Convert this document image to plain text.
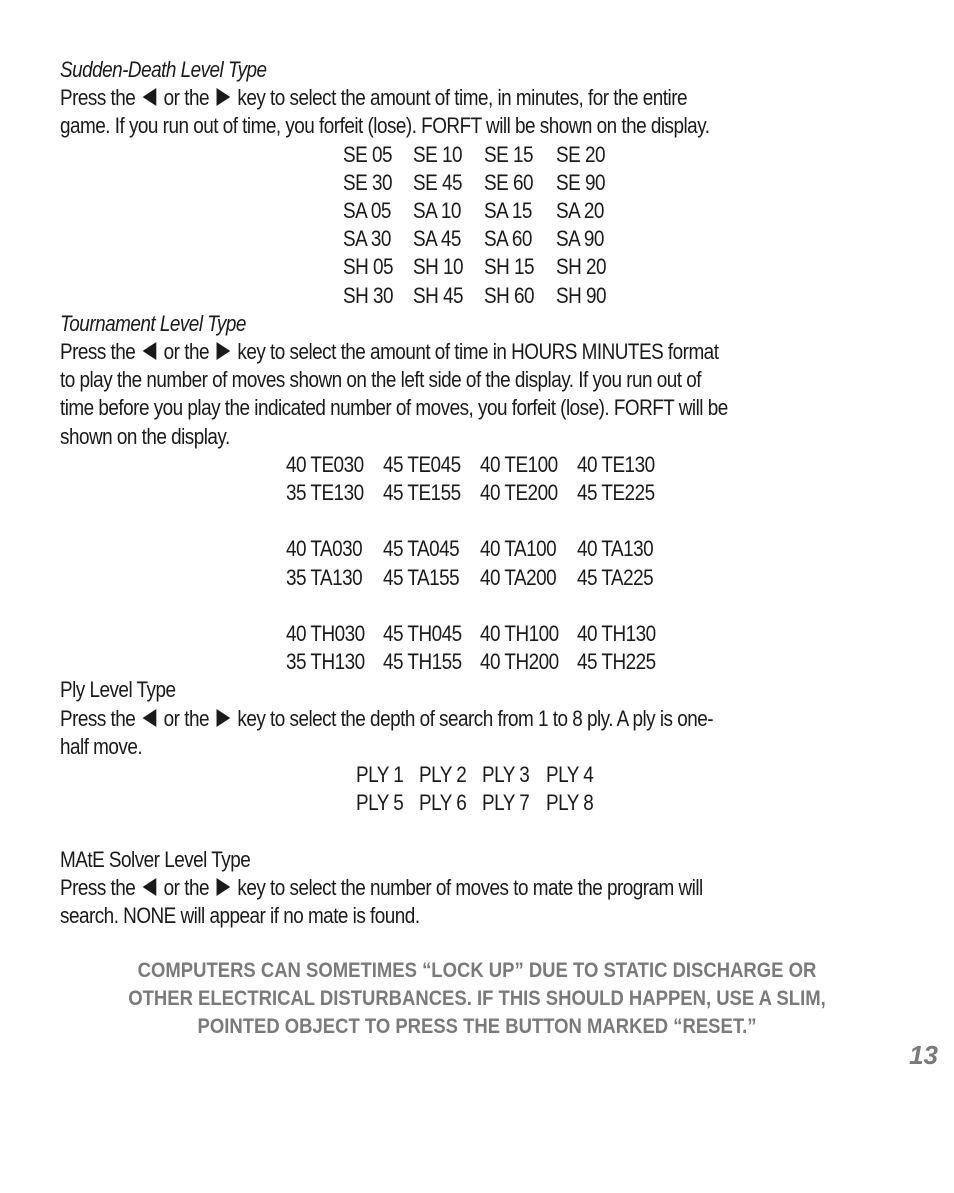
Sudden-Death Level Type
Press the  or the  key to select the amount of time, in minutes, for the entire
game. If you run out of time, you forfeit (lose). FORFT will be shown on the display.
SE 05 SE 10 SE 15 SE 20
SE 30 SE 45 SE 60 SE 90
SA 05 SA 10 SA 15 SA 20
SA 30 SA 45 SA 60 SA 90
SH 05 SH 10 SH 15 SH 20
SH 30 SH 45 SH 60 SH 90
Tournament Level Type
Press the  or the  key to select the amount of time in HOURS MINUTES format
to play the number of moves shown on the left side of the display. If you run out of
time before you play the indicated number of moves, you forfeit (lose). FORFT will be
shown on the display.
40 TE030 45 TE045 40 TE100 40 TE130
35 TE130 45 TE155 40 TE200 45 TE225
40 TA030 45 TA045 40 TA100 40 TA130
35 TA130 45 TA155 40 TA200 45 TA225
40 TH030 45 TH045 40 TH100 40 TH130
35 TH130 45 TH155 40 TH200 45 TH225
Ply Level Type
Press the  or the  key to select the depth of search from 1 to 8 ply. A ply is one-
half move.
PLY 1 PLY 2 PLY 3 PLY 4
PLY 5 PLY 6 PLY 7 PLY 8
MAtE Solver Level Type
Press the  or the  key to select the number of moves to mate the program will
search. NONE will appear if no mate is found.
COMPUTERS CAN SOMETIMES “LOCK UP” DUE TO STATIC DISCHARGE OR
OTHER ELECTRICAL DISTURBANCES. IF THIS SHOULD HAPPEN, USE A SLIM,
POINTED OBJECT TO PRESS THE BUTTON MARKED “RESET.”
13
